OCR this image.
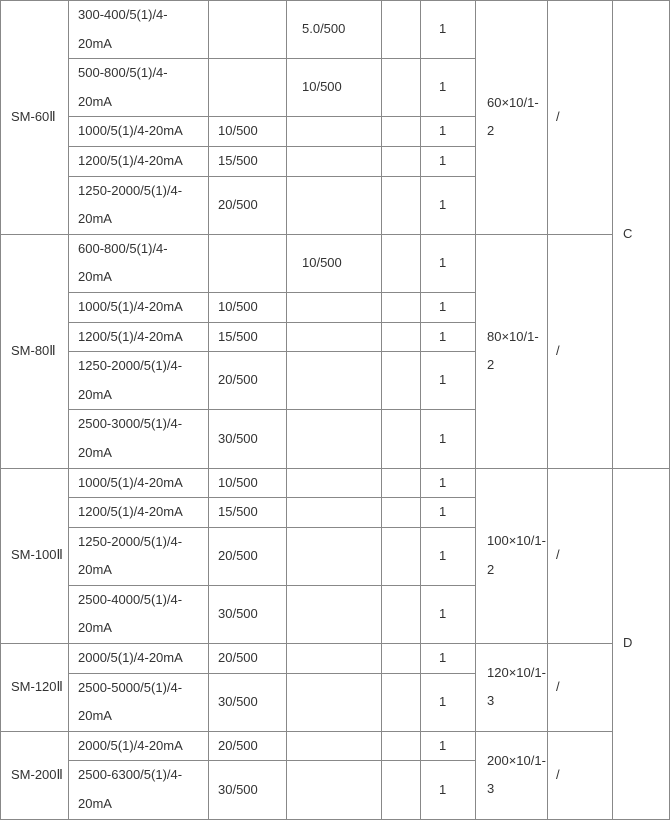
SM-60Ⅱ	300-400/5(1)/4-20mA		5.0/500		1	60×10/1-2	/	C
	500-800/5(1)/4-20mA		10/500		1			
	1000/5(1)/4-20mA	10/500			1			
	1200/5(1)/4-20mA	15/500			1			
	1250-2000/5(1)/4-20mA	20/500			1			
SM-80Ⅱ	600-800/5(1)/4-20mA		10/500		1	80×10/1-2	/	
	1000/5(1)/4-20mA	10/500			1			
	1200/5(1)/4-20mA	15/500			1			
	1250-2000/5(1)/4-20mA	20/500			1			
	2500-3000/5(1)/4-20mA	30/500			1			
SM-100Ⅱ	1000/5(1)/4-20mA	10/500			1	100×10/1-2	/	D
	1200/5(1)/4-20mA	15/500			1			
	1250-2000/5(1)/4-20mA	20/500			1			
	2500-4000/5(1)/4-20mA	30/500			1			
SM-120Ⅱ	2000/5(1)/4-20mA	20/500			1	120×10/1-3	/	
	2500-5000/5(1)/4-20mA	30/500			1			
SM-200Ⅱ	2000/5(1)/4-20mA	20/500			1	200×10/1-3	/	
	2500-6300/5(1)/4-20mA	30/500			1			
